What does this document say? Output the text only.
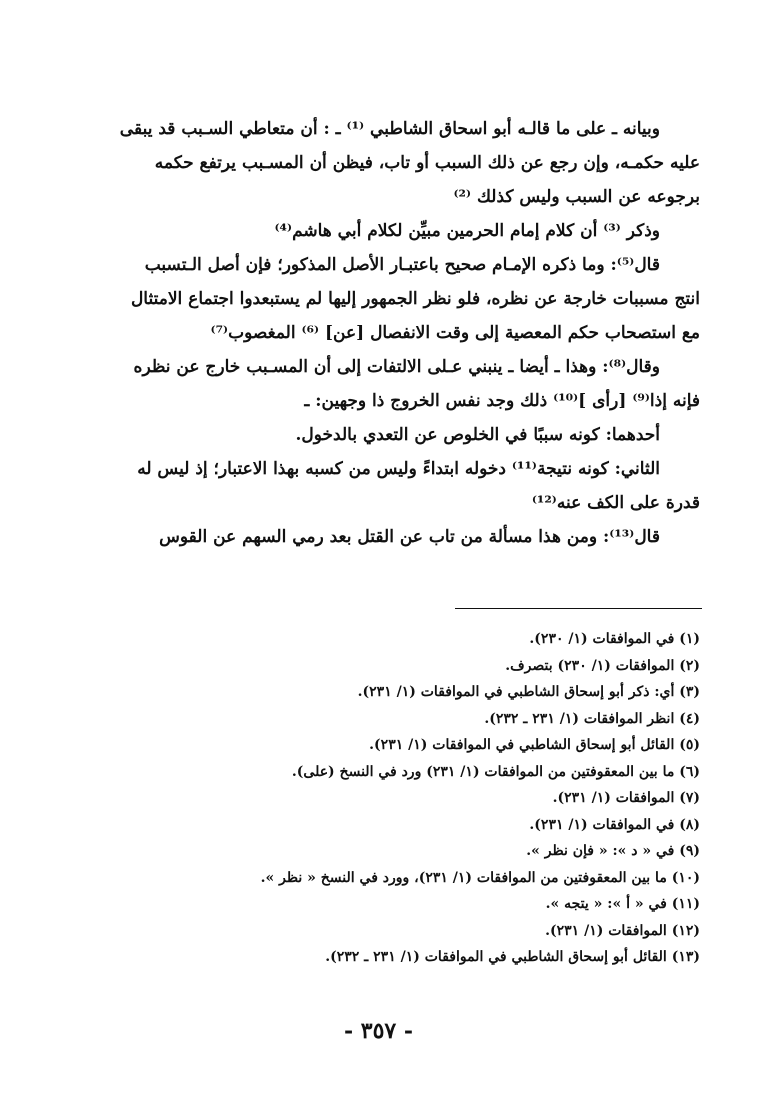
وبيانه ـ على ما قالـه أبو اسحاق الشاطبي ⁽¹⁾ ـ : أن متعاطي السـبب قد يبقى
عليه حكمـه، وإن رجع عن ذلك السبب أو تاب، فيظن أن المسـبب يرتفع حكمه
برجوعه عن السبب وليس كذلك ⁽²⁾
وذكر ⁽³⁾ أن كلام إمام الحرمين مبيِّن لكلام أبي هاشم⁽⁴⁾
قال⁽⁵⁾: وما ذكره الإمـام صحيح باعتبـار الأصل المذكور؛ فإن أصل الـتسبب
انتج مسببات خارجة عن نظره، فلو نظر الجمهور إليها لم يستبعدوا اجتماع الامتثال
مع استصحاب حكم المعصية إلى وقت الانفصال [عن] ⁽⁶⁾ المغصوب⁽⁷⁾
وقال⁽⁸⁾: وهذا ـ أيضا ـ ينبني عـلى الالتفات إلى أن المسـبب خارج عن نظره
فإنه إذا⁽⁹⁾ [رأى ]⁽¹⁰⁾ ذلك وجد نفس الخروج ذا وجهين: ـ
أحدهما: كونه سببًا في الخلوص عن التعدي بالدخول.
الثاني: كونه نتيجة⁽¹¹⁾ دخوله ابتداءً وليس من كسبه بهذا الاعتبار؛ إذ ليس له
قدرة على الكف عنه⁽¹²⁾
قال⁽¹³⁾: ومن هذا مسألة من تاب عن القتل بعد رمي السهم عن القوس
(١) في الموافقات (١/ ٢٣٠).
(٢) الموافقات (١/ ٢٣٠) بتصرف.
(٣) أي: ذكر أبو إسحاق الشاطبي في الموافقات (١/ ٢٣١).
(٤) انظر الموافقات (١/ ٢٣١ ـ ٢٣٢).
(٥) القائل أبو إسحاق الشاطبي في الموافقات (١/ ٢٣١).
(٦) ما بين المعقوفتين من الموافقات (١/ ٢٣١) ورد في النسخ (على).
(٧) الموافقات (١/ ٢٣١).
(٨) في الموافقات (١/ ٢٣١).
(٩) في « د »: « فإن نظر ».
(١٠) ما بين المعقوفتين من الموافقات (١/ ٢٣١)، وورد في النسخ « نظر ».
(١١) في « أ »: « يتجه ».
(١٢) الموافقات (١/ ٢٣١).
(١٣) القائل أبو إسحاق الشاطبي في الموافقات (١/ ٢٣١ ـ ٢٣٢).
- ٣٥٧ -
